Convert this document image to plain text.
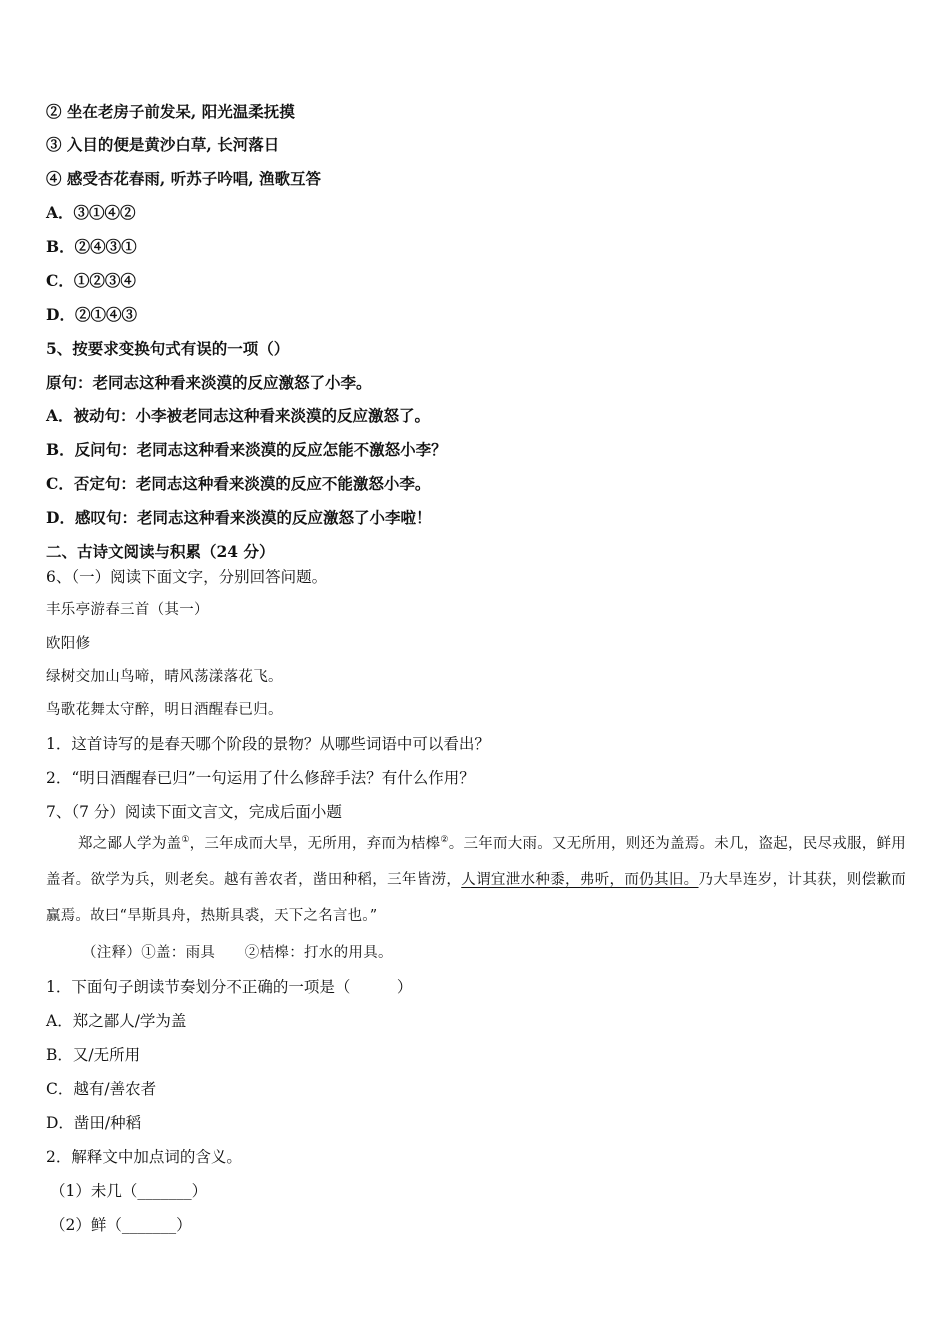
② 坐在老房子前发呆, 阳光温柔抚摸
③ 入目的便是黄沙白草, 长河落日
④ 感受杏花春雨, 听苏子吟唱, 渔歌互答
A．③①④②
B．②④③①
C．①②③④
D．②①④③
5、按要求变换句式有误的一项（）
原句：老同志这种看来淡漠的反应激怒了小李。
A．被动句：小李被老同志这种看来淡漠的反应激怒了。
B．反问句：老同志这种看来淡漠的反应怎能不激怒小李？
C．否定句：老同志这种看来淡漠的反应不能激怒小李。
D．感叹句：老同志这种看来淡漠的反应激怒了小李啦！
二、古诗文阅读与积累（24 分）
6、（一）阅读下面文字，分别回答问题。
丰乐亭游春三首（其一）
欧阳修
绿树交加山鸟啼，晴风荡漾落花飞。
鸟歌花舞太守醉，明日酒醒春已归。
1．这首诗写的是春天哪个阶段的景物？从哪些词语中可以看出？
2．“明日酒醒春已归”一句运用了什么修辞手法？有什么作用？
7、（7 分）阅读下面文言文，完成后面小题
郑之鄙人学为盖①，三年成而大旱，无所用，弃而为桔槔②。三年而大雨。又无所用，则还为盖焉。未几，盗起，民尽戎服，鲜用盖者。欲学为兵，则老矣。越有善农者，凿田种稻，三年皆涝，人谓宜泄水种黍，弗听，而仍其旧。乃大旱连岁，计其获，则偿歉而赢焉。故曰“旱斯具舟，热斯具裘，天下之名言也。”
（注释）①盖：雨具　　②桔槔：打水的用具。
1．下面句子朗读节奏划分不正确的一项是（　　　）
A．郑之鄙人/学为盖
B．又/无所用
C．越有/善农者
D．凿田/种稻
2．解释文中加点词的含义。
（1）未几（_______）
（2）鲜（_______）
